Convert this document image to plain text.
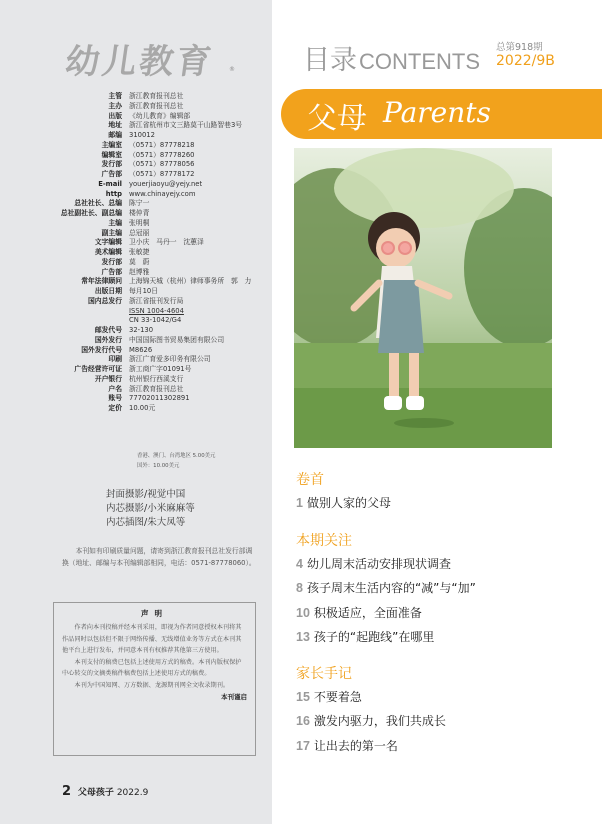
幼儿教育 ®
主管	浙江教育报刊总社
主办	浙江教育报刊总社
出版	《幼儿教育》编辑部
地址	浙江省杭州市文三路莫干山路智巷3号
邮编	310012
主编室	（0571）87778218
编辑室	（0571）87778260
发行部	（0571）87778056
广告部	（0571）87778172
E-mail	youerjiaoyu@yejy.net
http	www.chinayejy.com
总社社长、总编	陈宁一
总社副社长、副总编	楼仲青
主编	张明桐
副主编	总冠丽
文字编辑	卫小庆　马丹一　沈蕙泽
美术编辑	张敏捷
发行部	莫　蔚
广告部	赵博雅
常年法律顾问	上海锦天城（杭州）律师事务所　郭　力
出版日期	每月10日
国内总发行	浙江省报刊发行局
ISSN 1004-4604
CN 33-1042/G4
邮发代号	32-130
国外发行	中国国际图书贸易集团有限公司
国外发行代号	M8626
印刷	浙江广育爱多印务有限公司
广告经营许可证	浙工商广字01091号
开户银行	杭州银行西溪支行
户名	浙江教育报刊总社
账号	77702011302891
定价	10.00元
香港、澳门、台湾地区 5.00美元
国外：10.00美元
封面摄影/视觉中国
内芯摄影/小米麻麻等
内芯插图/朱大凤等
本刊如有印刷质量问题，请寄到浙江教育报刊总社发行部调换（地址、邮编与本刊编辑部相同，电话：0571-87778060）。
声明

作者向本刊投稿并经本刊采用，即视为作者同意授权本刊将其作品同时以包括但不限于网络传播、无线增值业务等方式在本刊其他平台上进行发布，并同意本刊有权推荐其他第三方使用。

本刊支付的稿费已包括上述使用方式的稿费。本刊内版权保护中心转交的文摘类稿件稿费包括上述使用方式的稿费。

本刊为中国知网、万方数据、龙源期刊网全文收录期刊。

本刊谨启
2 父母孩子 2022.9
目录CONTENTS
总第918期
2022/9B
父母 Parents
卷首
1 做别人家的父母
本期关注
4 幼儿周末活动安排现状调查
8 孩子周末生活内容的“减”与“加”
10 积极适应，全面准备
13 孩子的“起跑线”在哪里
家长手记
15 不要着急
16 激发内驱力，我们共成长
17 让出去的第一名
